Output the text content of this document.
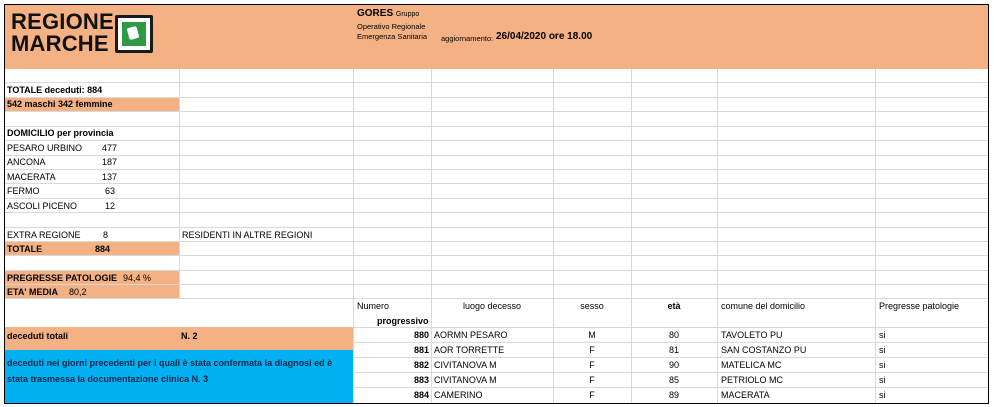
REGIONE
MARCHE
GORES Gruppo
Operativo Regionale
Emergenza Sanitaria aggiornamento: 26/04/2020 ore 18.00
TOTALE deceduti: 884
542 maschi 342 femmine
DOMICILIO per provincia
PESARO URBINO	477
ANCONA	187
MACERATA	137
FERMO	63
ASCOLI PICENO	12
EXTRA REGIONE 8	RESIDENTI IN ALTRE REGIONI
TOTALE	884
PREGRESSE PATOLOGIE 94,4 %
ETA' MEDIA 80,2
deceduti totali	N. 2
deceduti nei giorni precedenti per i quali è stata confermata la diagnosi ed è
stata trasmessa la documentazione clinica N. 3
Numero
progressivo
luogo decesso	sesso	età	comune del domicilio	Pregresse patologie
880 AORMN PESARO	M	80	TAVOLETO PU	si
881 AOR TORRETTE	F	81	SAN COSTANZO PU	si
882 CIVITANOVA M	F	90	MATELICA MC	si
883 CIVITANOVA M	F	85	PETRIOLO MC	si
884 CAMERINO	F	89	MACERATA	si
